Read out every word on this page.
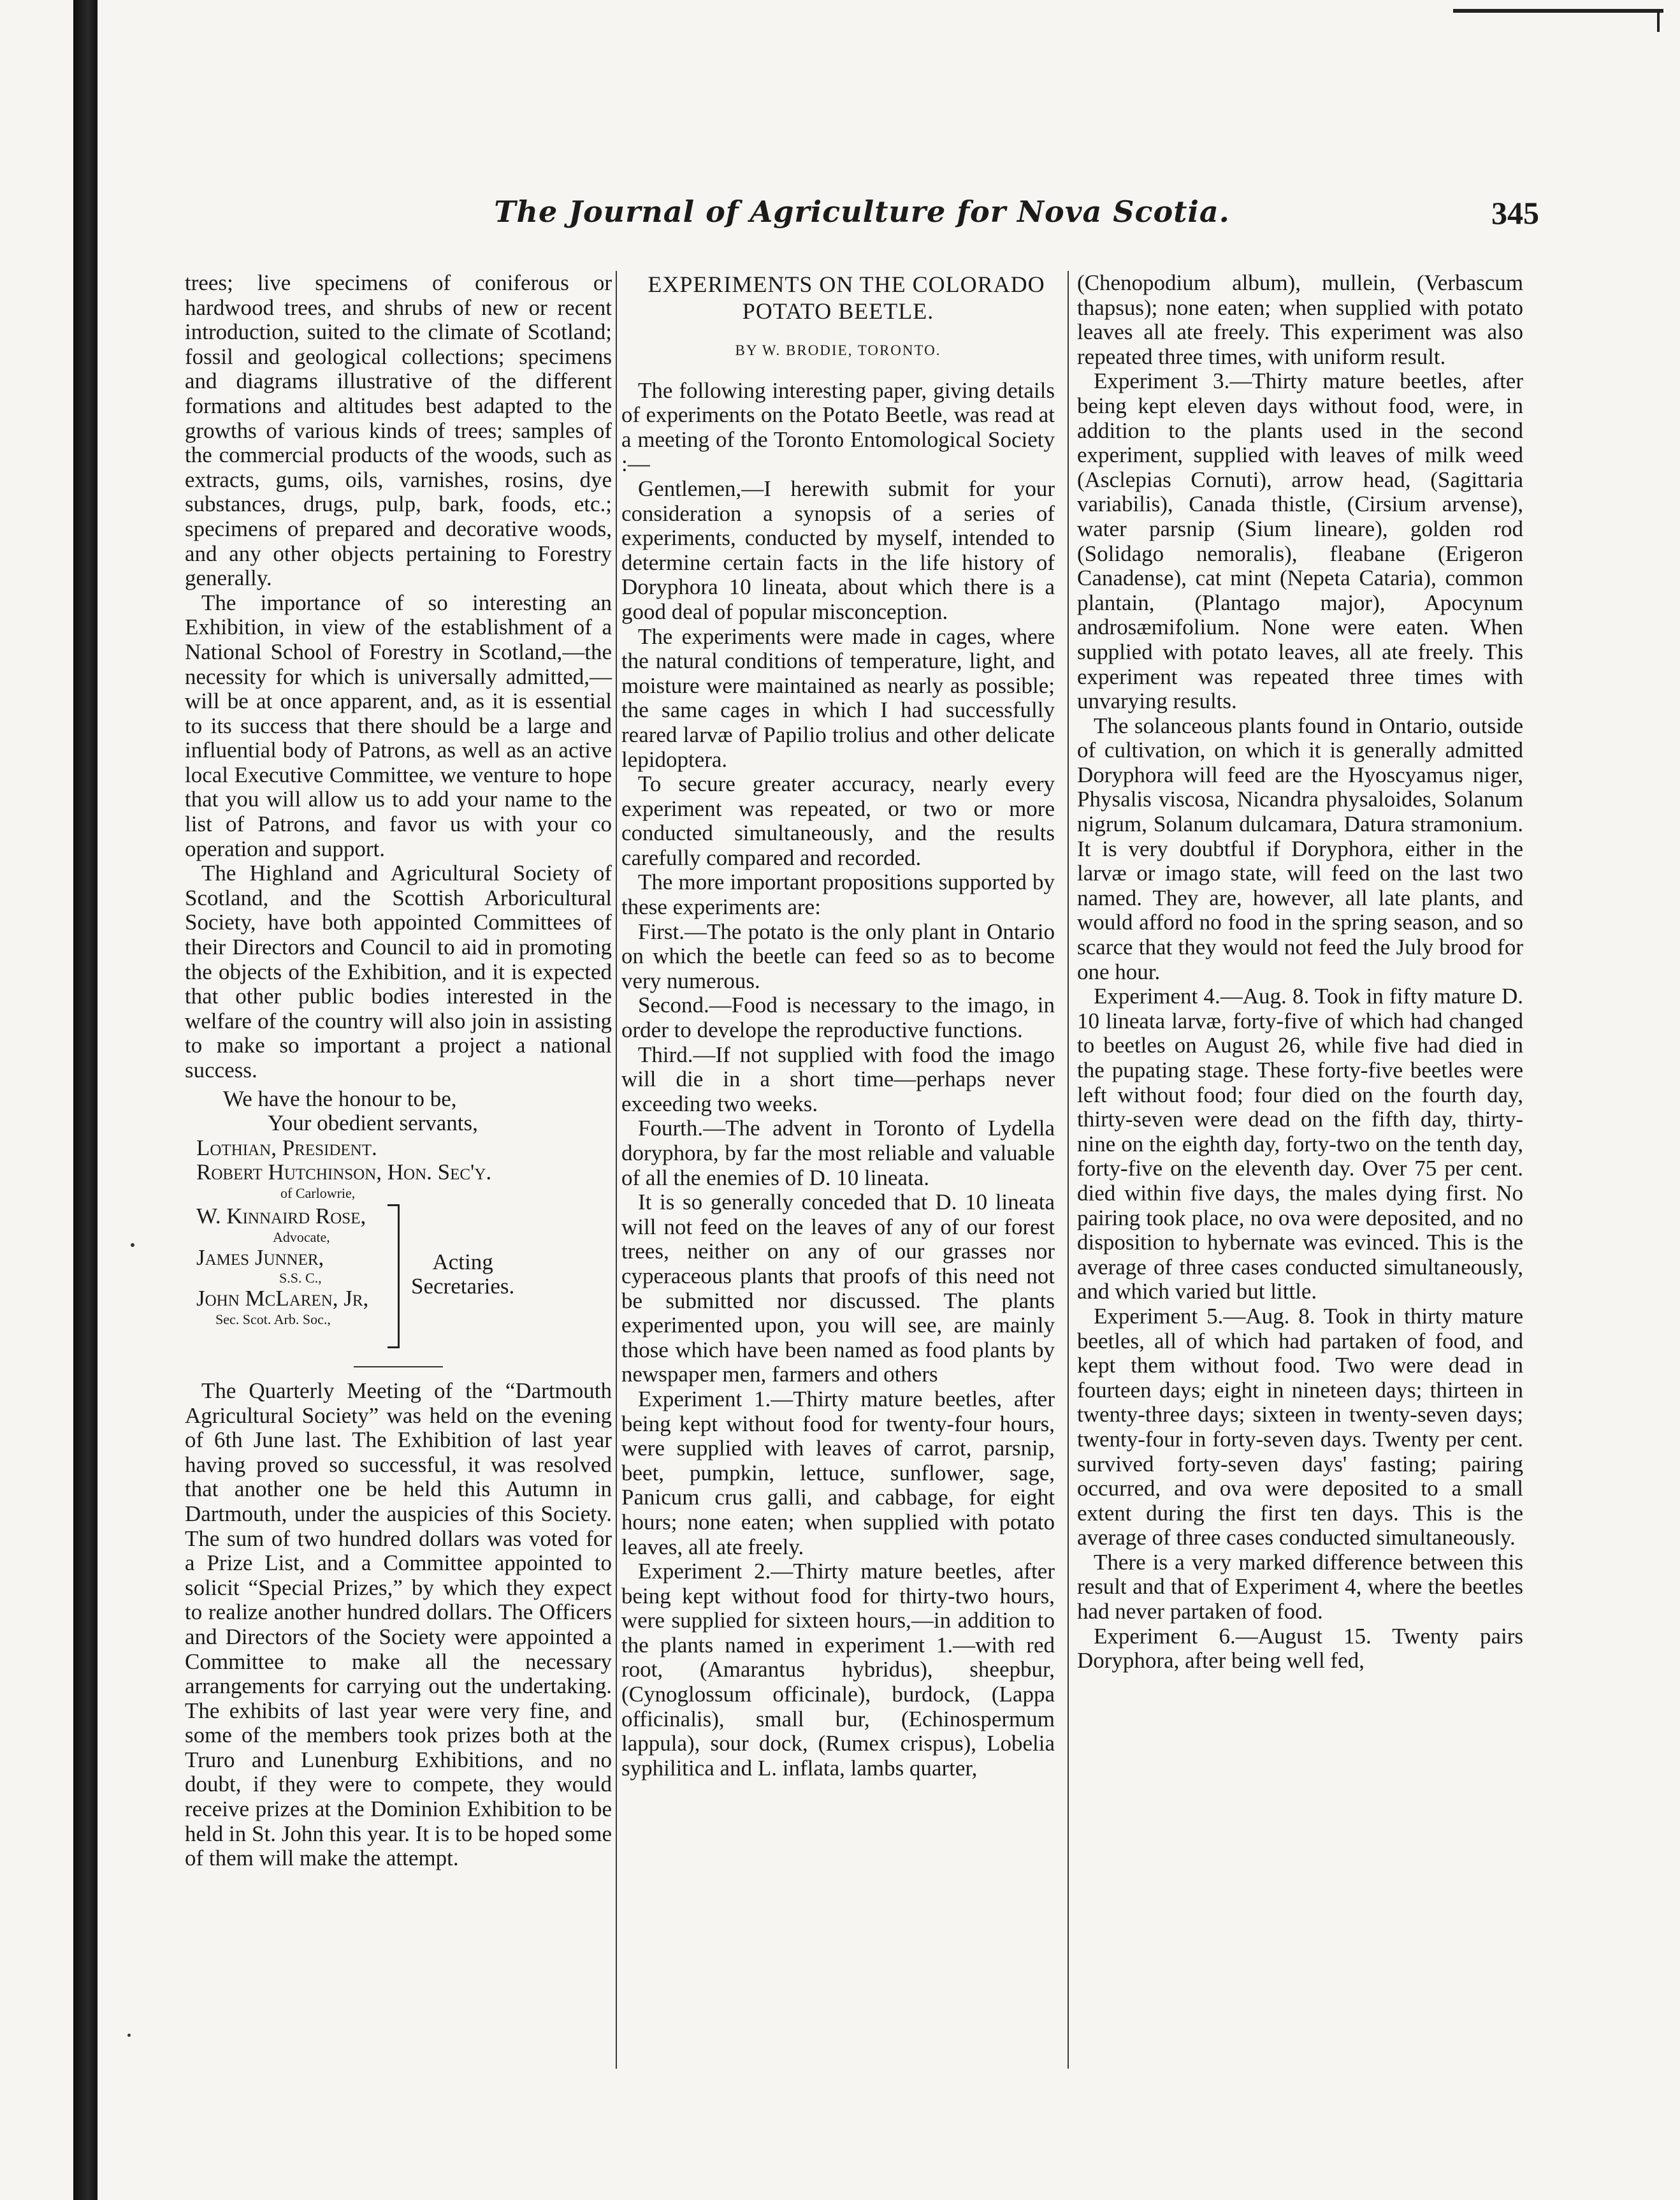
The Journal of Agriculture for Nova Scotia.	345

trees; live specimens of coniferous or hardwood trees, and shrubs of new or recent introduction, suited to the climate of Scotland; fossil and geological collections; specimens and diagrams illustrative of the different formations and altitudes best adapted to the growths of various kinds of trees; samples of the commercial products of the woods, such as extracts, gums, oils, varnishes, rosins, dye substances, drugs, pulp, bark, foods, etc.; specimens of prepared and decorative woods, and any other objects pertaining to Forestry generally.

The importance of so interesting an Exhibition, in view of the establishment of a National School of Forestry in Scotland,—the necessity for which is universally admitted,—will be at once apparent, and, as it is essential to its success that there should be a large and influential body of Patrons, as well as an active local Executive Committee, we venture to hope that you will allow us to add your name to the list of Patrons, and favor us with your co operation and support.

The Highland and Agricultural Society of Scotland, and the Scottish Arboricultural Society, have both appointed Committees of their Directors and Council to aid in promoting the objects of the Exhibition, and it is expected that other public bodies interested in the welfare of the country will also join in assisting to make so important a project a national success.

We have the honour to be,
Your obedient servants,
Lothian, President.
Robert Hutchinson, Hon. Sec'y.
of Carlowrie,
W. Kinnaird Rose,
Advocate,
James Junner,
S.S. C.,
John McLaren, Jr,
Sec. Scot. Arb. Soc.,
Acting
Secretaries.

The Quarterly Meeting of the “Dartmouth Agricultural Society” was held on the evening of 6th June last. The Exhibition of last year having proved so successful, it was resolved that another one be held this Autumn in Dartmouth, under the auspicies of this Society. The sum of two hundred dollars was voted for a Prize List, and a Committee appointed to solicit “Special Prizes,” by which they expect to realize another hundred dollars. The Officers and Directors of the Society were appointed a Committee to make all the necessary arrangements for carrying out the undertaking. The exhibits of last year were very fine, and some of the members took prizes both at the Truro and Lunenburg Exhibitions, and no doubt, if they were to compete, they would receive prizes at the Dominion Exhibition to be held in St. John this year. It is to be hoped some of them will make the attempt.

EXPERIMENTS ON THE COLORADO POTATO BEETLE.

BY W. BRODIE, TORONTO.

The following interesting paper, giving details of experiments on the Potato Beetle, was read at a meeting of the Toronto Entomological Society :—

Gentlemen,—I herewith submit for your consideration a synopsis of a series of experiments, conducted by myself, intended to determine certain facts in the life history of Doryphora 10 lineata, about which there is a good deal of popular misconception.

The experiments were made in cages, where the natural conditions of temperature, light, and moisture were maintained as nearly as possible; the same cages in which I had successfully reared larvæ of Papilio trolius and other delicate lepidoptera.

To secure greater accuracy, nearly every experiment was repeated, or two or more conducted simultaneously, and the results carefully compared and recorded.

The more important propositions supported by these experiments are:

First.—The potato is the only plant in Ontario on which the beetle can feed so as to become very numerous.

Second.—Food is necessary to the imago, in order to develope the reproductive functions.

Third.—If not supplied with food the imago will die in a short time—perhaps never exceeding two weeks.

Fourth.—The advent in Toronto of Lydella doryphora, by far the most reliable and valuable of all the enemies of D. 10 lineata.

It is so generally conceded that D. 10 lineata will not feed on the leaves of any of our forest trees, neither on any of our grasses nor cyperaceous plants that proofs of this need not be submitted nor discussed. The plants experimented upon, you will see, are mainly those which have been named as food plants by newspaper men, farmers and others

Experiment 1.—Thirty mature beetles, after being kept without food for twenty-four hours, were supplied with leaves of carrot, parsnip, beet, pumpkin, lettuce, sunflower, sage, Panicum crus galli, and cabbage, for eight hours; none eaten; when supplied with potato leaves, all ate freely.

Experiment 2.—Thirty mature beetles, after being kept without food for thirty-two hours, were supplied for sixteen hours,—in addition to the plants named in experiment 1.—with red root, (Amarantus hybridus), sheepbur, (Cynoglossum officinale), burdock, (Lappa officinalis), small bur, (Echinospermum lappula), sour dock, (Rumex crispus), Lobelia syphilitica and L. inflata, lambs quarter,

(Chenopodium album), mullein, (Verbascum thapsus); none eaten; when supplied with potato leaves all ate freely. This experiment was also repeated three times, with uniform result.

Experiment 3.—Thirty mature beetles, after being kept eleven days without food, were, in addition to the plants used in the second experiment, supplied with leaves of milk weed (Asclepias Cornuti), arrow head, (Sagittaria variabilis), Canada thistle, (Cirsium arvense), water parsnip (Sium lineare), golden rod (Solidago nemoralis), fleabane (Erigeron Canadense), cat mint (Nepeta Cataria), common plantain, (Plantago major), Apocynum androsæmifolium. None were eaten. When supplied with potato leaves, all ate freely. This experiment was repeated three times with unvarying results.

The solanceous plants found in Ontario, outside of cultivation, on which it is generally admitted Doryphora will feed are the Hyoscyamus niger, Physalis viscosa, Nicandra physaloides, Solanum nigrum, Solanum dulcamara, Datura stramonium. It is very doubtful if Doryphora, either in the larvæ or imago state, will feed on the last two named. They are, however, all late plants, and would afford no food in the spring season, and so scarce that they would not feed the July brood for one hour.

Experiment 4.—Aug. 8. Took in fifty mature D. 10 lineata larvæ, forty-five of which had changed to beetles on August 26, while five had died in the pupating stage. These forty-five beetles were left without food; four died on the fourth day, thirty-seven were dead on the fifth day, thirty-nine on the eighth day, forty-two on the tenth day, forty-five on the eleventh day. Over 75 per cent. died within five days, the males dying first. No pairing took place, no ova were deposited, and no disposition to hybernate was evinced. This is the average of three cases conducted simultaneously, and which varied but little.

Experiment 5.—Aug. 8. Took in thirty mature beetles, all of which had partaken of food, and kept them without food. Two were dead in fourteen days; eight in nineteen days; thirteen in twenty-three days; sixteen in twenty-seven days; twenty-four in forty-seven days. Twenty per cent. survived forty-seven days' fasting; pairing occurred, and ova were deposited to a small extent during the first ten days. This is the average of three cases conducted simultaneously.

There is a very marked difference between this result and that of Experiment 4, where the beetles had never partaken of food.

Experiment 6.—August 15. Twenty pairs Doryphora, after being well fed,
